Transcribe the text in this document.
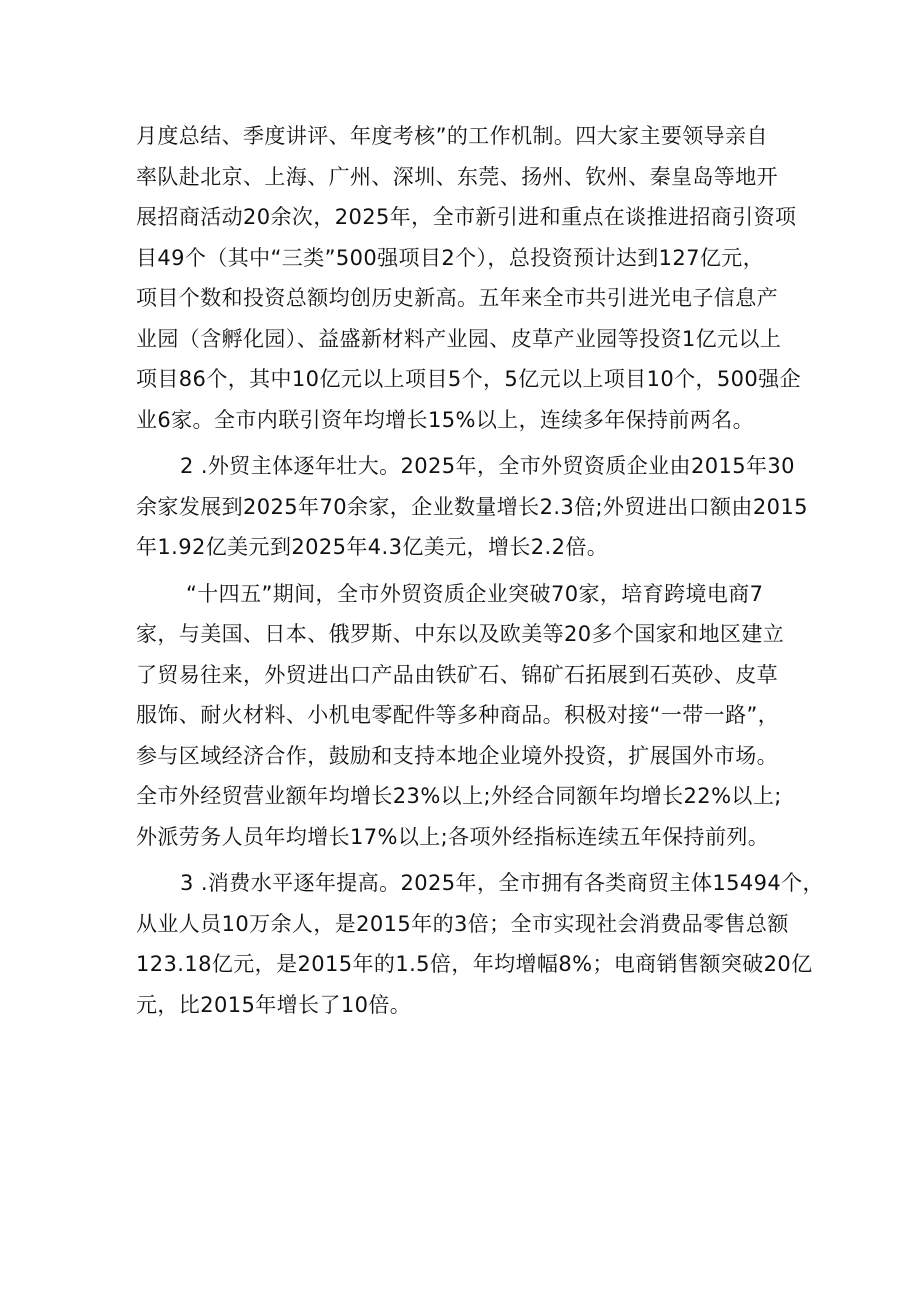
月度总结、季度讲评、年度考核”的工作机制。四大家主要领导亲自
率队赴北京、上海、广州、深圳、东莞、扬州、钦州、秦皇岛等地开
展招商活动20余次，2025年，全市新引进和重点在谈推进招商引资项
目49个（其中“三类”500强项目2个），总投资预计达到127亿元，
项目个数和投资总额均创历史新高。五年来全市共引进光电子信息产
业园（含孵化园）、益盛新材料产业园、皮草产业园等投资1亿元以上
项目86个，其中10亿元以上项目5个，5亿元以上项目10个，500强企
业6家。全市内联引资年均增长15%以上，连续多年保持前两名。

2 .外贸主体逐年壮大。2025年，全市外贸资质企业由2015年30
余家发展到2025年70余家，企业数量增长2.3倍;外贸进出口额由2015
年1.92亿美元到2025年4.3亿美元，增长2.2倍。

“十四五”期间，全市外贸资质企业突破70家，培育跨境电商7
家，与美国、日本、俄罗斯、中东以及欧美等20多个国家和地区建立
了贸易往来，外贸进出口产品由铁矿石、锦矿石拓展到石英砂、皮草
服饰、耐火材料、小机电零配件等多种商品。积极对接“一带一路”，
参与区域经济合作，鼓励和支持本地企业境外投资，扩展国外市场。
全市外经贸营业额年均增长23%以上;外经合同额年均增长22%以上;
外派劳务人员年均增长17%以上;各项外经指标连续五年保持前列。

3 .消费水平逐年提高。2025年，全市拥有各类商贸主体15494个，
从业人员10万余人，是2015年的3倍；全市实现社会消费品零售总额
123.18亿元，是2015年的1.5倍，年均增幅8%；电商销售额突破20亿
元，比2015年增长了10倍。
